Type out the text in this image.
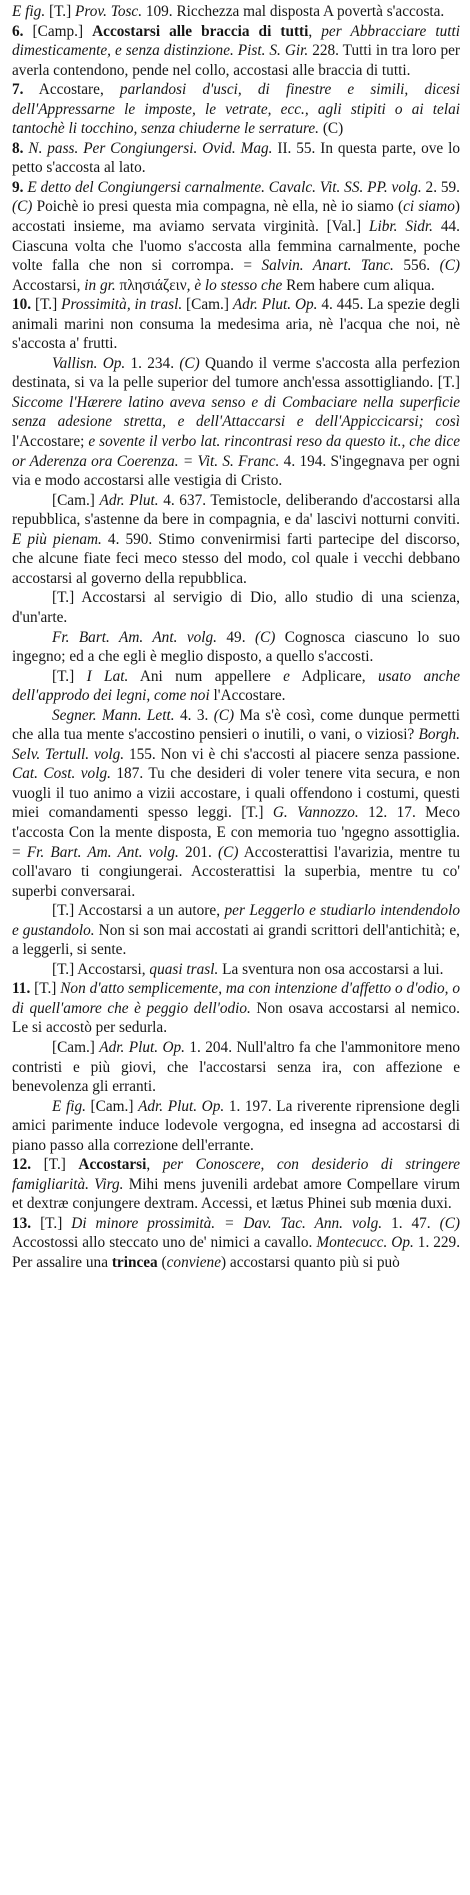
E fig. [T.] Prov. Tosc. 109. Ricchezza mal disposta A povertà s'accosta.

6. [Camp.] Accostarsi alle braccia di tutti, per Abbracciare tutti dimesticamente, e senza distinzione. Pist. S. Gir. 228. Tutti in tra loro per averla contendono, pende nel collo, accostasi alle braccia di tutti.

7. Accostare, parlandosi d'usci, di finestre e simili, dicesi dell'Appressarne le imposte, le vetrate, ecc., agli stipiti o ai telai tantochè li tocchino, senza chiuderne le serrature. (C)

8. N. pass. Per Congiungersi. Ovid. Mag. II. 55. In questa parte, ove lo petto s'accosta al lato.

9. E detto del Congiungersi carnalmente. Cavalc. Vit. SS. PP. volg. 2. 59. (C) Poichè io presi questa mia compagna, nè ella, nè io siamo (ci siamo) accostati insieme, ma aviamo servata virginità. [Val.] Libr. Sidr. 44. Ciascuna volta che l'uomo s'accosta alla femmina carnalmente, poche volte falla che non si corrompa. = Salvin. Anart. Tanc. 556. (C) Accostarsi, in gr. πλησιάζειν, è lo stesso che Rem habere cum aliqua.

10. [T.] Prossimità, in trasl. [Cam.] Adr. Plut. Op. 4. 445. La spezie degli animali marini non consuma la medesima aria, nè l'acqua che noi, nè s'accosta a' frutti.

Vallisn. Op. 1. 234. (C) Quando il verme s'accosta alla perfezion destinata, si va la pelle superior del tumore anch'essa assottigliando. [T.] Siccome l'Hærere latino aveva senso e di Combaciare nella superficie senza adesione stretta, e dell'Attaccarsi e dell'Appiccicarsi; così l'Accostare; e sovente il verbo lat. rincontrasi reso da questo it., che dice or Aderenza ora Coerenza. = Vit. S. Franc. 4. 194. S'ingegnava per ogni via e modo accostarsi alle vestigia di Cristo.

[Cam.] Adr. Plut. 4. 637. Temistocle, deliberando d'accostarsi alla repubblica, s'astenne da bere in compagnia, e da' lascivi notturni conviti. E più pienam. 4. 590. Stimo convenirmisi farti partecipe del discorso, che alcune fiate feci meco stesso del modo, col quale i vecchi debbano accostarsi al governo della repubblica.

[T.] Accostarsi al servigio di Dio, allo studio di una scienza, d'un'arte.

Fr. Bart. Am. Ant. volg. 49. (C) Cognosca ciascuno lo suo ingegno; ed a che egli è meglio disposto, a quello s'accosti.

[T.] I Lat. Ani num appellere e Adplicare, usato anche dell'approdo dei legni, come noi l'Accostare.

Segner. Mann. Lett. 4. 3. (C) Ma s'è così, come dunque permetti che alla tua mente s'accostino pensieri o inutili, o vani, o viziosi? Borgh. Selv. Tertull. volg. 155. Non vi è chi s'accosti al piacere senza passione. Cat. Cost. volg. 187. Tu che desideri di voler tenere vita secura, e non vuogli il tuo animo a vizii accostare, i quali offendono i costumi, questi miei comandamenti spesso leggi. [T.] G. Vannozzo. 12. 17. Meco t'accosta Con la mente disposta, E con memoria tuo 'ngegno assottiglia. = Fr. Bart. Am. Ant. volg. 201. (C) Accosterattisi l'avarizia, mentre tu coll'avaro ti congiungerai. Accosterattisi la superbia, mentre tu co' superbi conversarai.

[T.] Accostarsi a un autore, per Leggerlo e studiarlo intendendolo e gustandolo. Non si son mai accostati ai grandi scrittori dell'antichità; e, a leggerli, si sente.

[T.] Accostarsi, quasi trasl. La sventura non osa accostarsi a lui.

11. [T.] Non d'atto semplicemente, ma con intenzione d'affetto o d'odio, o di quell'amore che è peggio dell'odio. Non osava accostarsi al nemico. Le si accostò per sedurla.

[Cam.] Adr. Plut. Op. 1. 204. Null'altro fa che l'ammonitore meno contristi e più giovi, che l'accostarsi senza ira, con affezione e benevolenza gli erranti.

E fig. [Cam.] Adr. Plut. Op. 1. 197. La riverente riprensione degli amici parimente induce lodevole vergogna, ed insegna ad accostarsi di piano passo alla correzione dell'errante.

12. [T.] Accostarsi, per Conoscere, con desiderio di stringere famigliarità. Virg. Mihi mens juvenili ardebat amore Compellare virum et dextræ conjungere dextram. Accessi, et lætus Phinei sub mœnia duxi.

13. [T.] Di minore prossimità. = Dav. Tac. Ann. volg. 1. 47. (C) Accostossi allo steccato uno de' nimici a cavallo. Montecucc. Op. 1. 229. Per assalire una trincea (conviene) accostarsi quanto più si può
